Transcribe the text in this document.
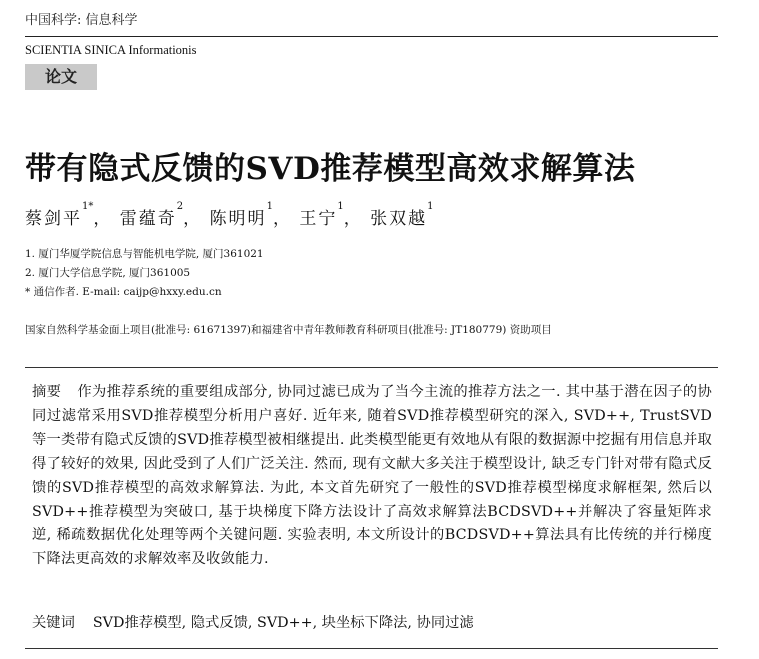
中国科学: 信息科学
SCIENTIA SINICA Informationis
论文
带有隐式反馈的SVD推荐模型高效求解算法
蔡剑平$^{1*}$， 雷蕴奇$^2$， 陈明明$^1$， 王宁$^1$， 张双越$^1$
1. 厦门华厦学院信息与智能机电学院, 厦门361021
2. 厦门大学信息学院, 厦门361005
* 通信作者. E-mail: caijp@hxxy.edu.cn
国家自然科学基金面上项目(批准号: 61671397)和福建省中青年教师教育科研项目(批准号: JT180779) 资助项目
摘要 作为推荐系统的重要组成部分, 协同过滤已成为了当今主流的推荐方法之一. 其中基于潜在因子的协同过滤常采用SVD推荐模型分析用户喜好. 近年来, 随着SVD推荐模型研究的深入, SVD++, TrustSVD等一类带有隐式反馈的SVD推荐模型被相继提出. 此类模型能更有效地从有限的数据源中挖掘有用信息并取得了较好的效果, 因此受到了人们广泛关注. 然而, 现有文献大多关注于模型设计, 缺乏专门针对带有隐式反馈的SVD推荐模型的高效求解算法. 为此, 本文首先研究了一般性的SVD推荐模型梯度求解框架, 然后以SVD++推荐模型为突破口, 基于块梯度下降方法设计了高效求解算法BCDSVD++并解决了容量矩阵求逆, 稀疏数据优化处理等两个关键问题. 实验表明, 本文所设计的BCDSVD++算法具有比传统的并行梯度下降法更高效的求解效率及收敛能力.
关键词 SVD推荐模型, 隐式反馈, SVD++, 块坐标下降法, 协同过滤
